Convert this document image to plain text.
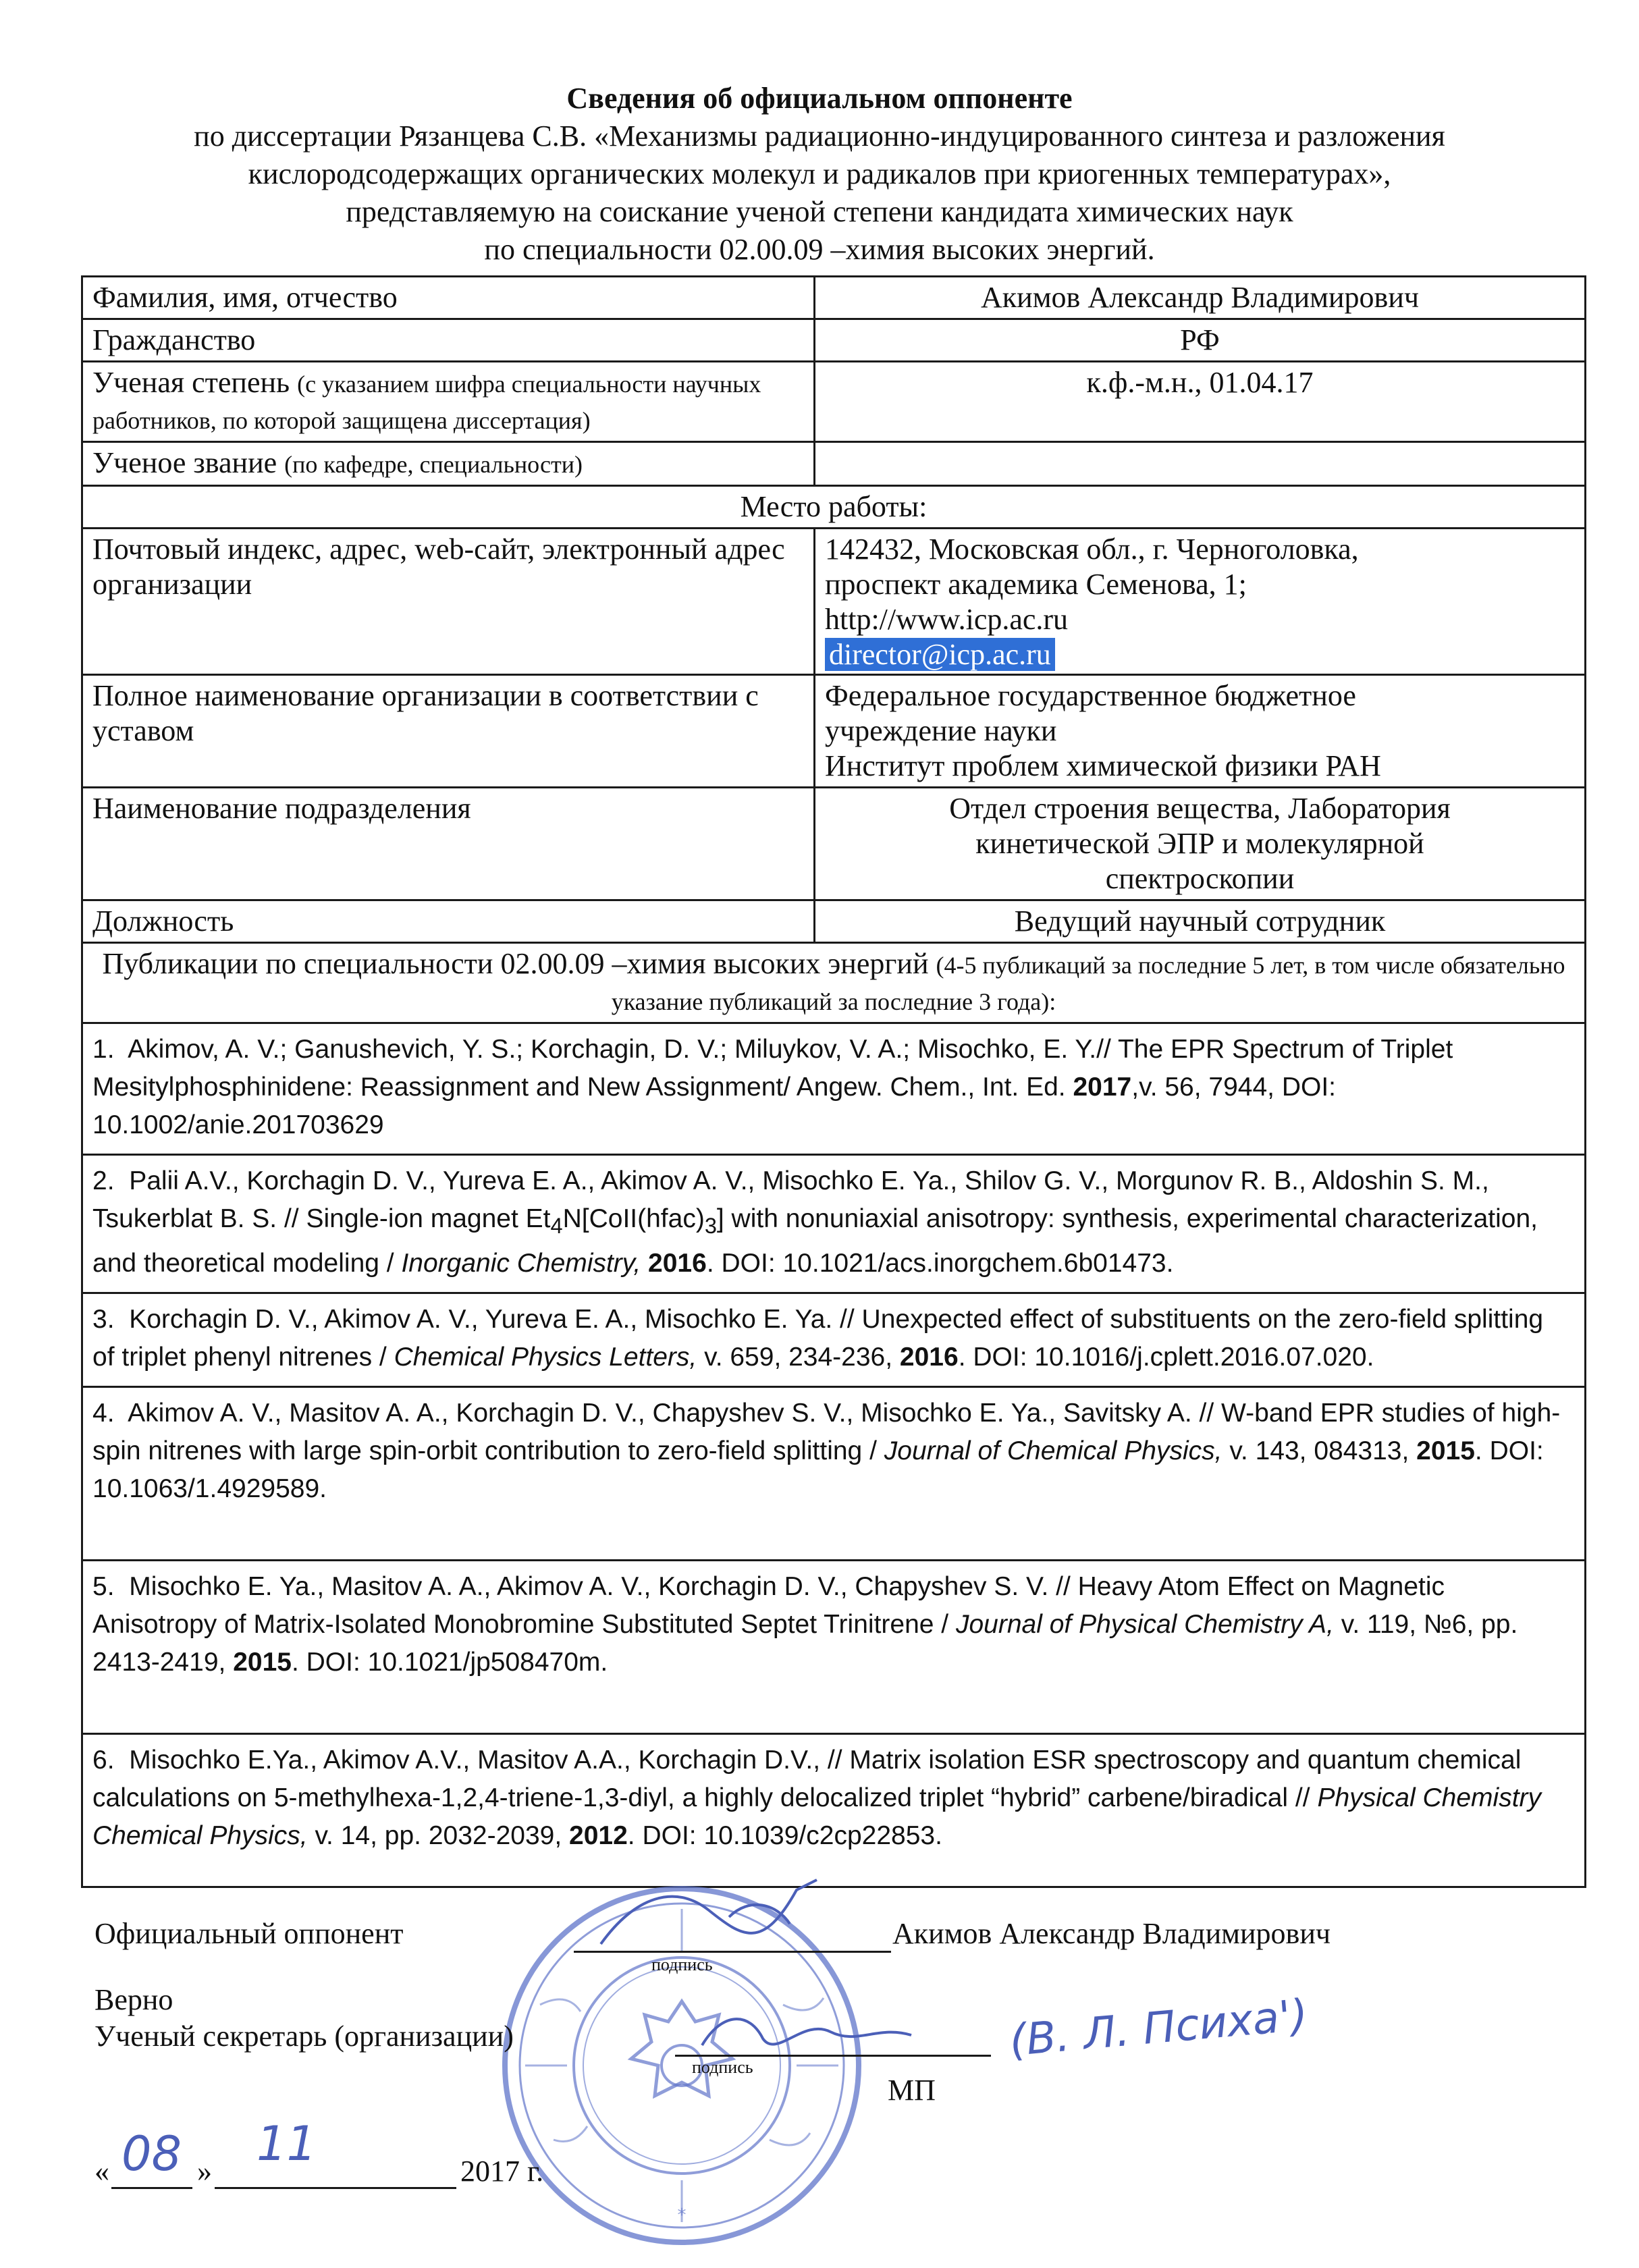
Сведения об официальном оппоненте
по диссертации Рязанцева С.В. «Механизмы радиационно-индуцированного синтеза и разложения
кислородсодержащих органических молекул и радикалов при криогенных температурах»,
представляемую на соискание ученой степени кандидата химических наук
по специальности 02.00.09 –химия высоких энергий.
Фамилия, имя, отчество	Акимов Александр Владимирович
Гражданство	РФ
Ученая степень (с указанием шифра специальности научных работников, по которой защищена диссертация)	к.ф.-м.н., 01.04.17
Ученое звание (по кафедре, специальности)	
Место работы:	
Почтовый индекс, адрес, web-сайт, электронный адрес организации	142432, Московская обл., г. Черноголовка,
проспект академика Семенова, 1;
http://www.icp.ac.ru
director@icp.ac.ru

Полное наименование организации в соответствии с уставом	Федеральное государственное бюджетное
учреждение науки
Институт проблем химической физики РАН

Наименование подразделения	Отдел строения вещества, Лаборатория
кинетической ЭПР и молекулярной
спектроскопии

Должность	Ведущий научный сотрудник
Публикации по специальности 02.00.09 –химия высоких энергий (4-5 публикаций за последние 5 лет, в том числе обязательно указание публикаций за последние 3 года):	
1. Akimov, A. V.; Ganushevich, Y. S.; Korchagin, D. V.; Miluykov, V. A.; Misochko, E. Y.// The EPR Spectrum of Triplet Mesitylphosphinidene: Reassignment and New Assignment/ Angew. Chem., Int. Ed. 2017,v. 56, 7944, DOI: 10.1002/anie.201703629	
2. Palii A.V., Korchagin D. V., Yureva E. A., Akimov A. V., Misochko E. Ya., Shilov G. V., Morgunov R. B., Aldoshin S. M., Tsukerblat B. S. // Single-ion magnet $Et_4N[CoII(hfac)_3]$ with nonuniaxial anisotropy: synthesis, experimental characterization, and theoretical modeling / Inorganic Chemistry, 2016. DOI: 10.1021/acs.inorgchem.6b01473.	
3. Korchagin D. V., Akimov A. V., Yureva E. A., Misochko E. Ya. // Unexpected effect of substituents on the zero-field splitting of triplet phenyl nitrenes / Chemical Physics Letters, v. 659, 234-236, 2016. DOI: 10.1016/j.cplett.2016.07.020.	
4. Akimov A. V., Masitov A. A., Korchagin D. V., Chapyshev S. V., Misochko E. Ya., Savitsky A. // W-band EPR studies of high-spin nitrenes with large spin-orbit contribution to zero-field splitting / Journal of Chemical Physics, v. 143, 084313, 2015. DOI: 10.1063/1.4929589.	
5. Misochko E. Ya., Masitov A. A., Akimov A. V., Korchagin D. V., Chapyshev S. V. // Heavy Atom Effect on Magnetic Anisotropy of Matrix-Isolated Monobromine Substituted Septet Trinitrene / Journal of Physical Chemistry A, v. 119, №6, pp. 2413-2419, 2015. DOI: 10.1021/jp508470m.	
6. Misochko E.Ya., Akimov A.V., Masitov A.A., Korchagin D.V., // Matrix isolation ESR spectroscopy and quantum chemical calculations on 5-methylhexa-1,2,4-triene-1,3-diyl, a highly delocalized triplet “hybrid” carbene/biradical // Physical Chemistry Chemical Physics, v. 14, pp. 2032-2039, 2012. DOI: 10.1039/c2cp22853.	
*
Официальный оппонент	Акимов Александр Владимирович
подпись
Верно
Ученый секретарь (организации)	(В. Л. Психа')
подпись
МП
« 08 » 11	2017 г.
